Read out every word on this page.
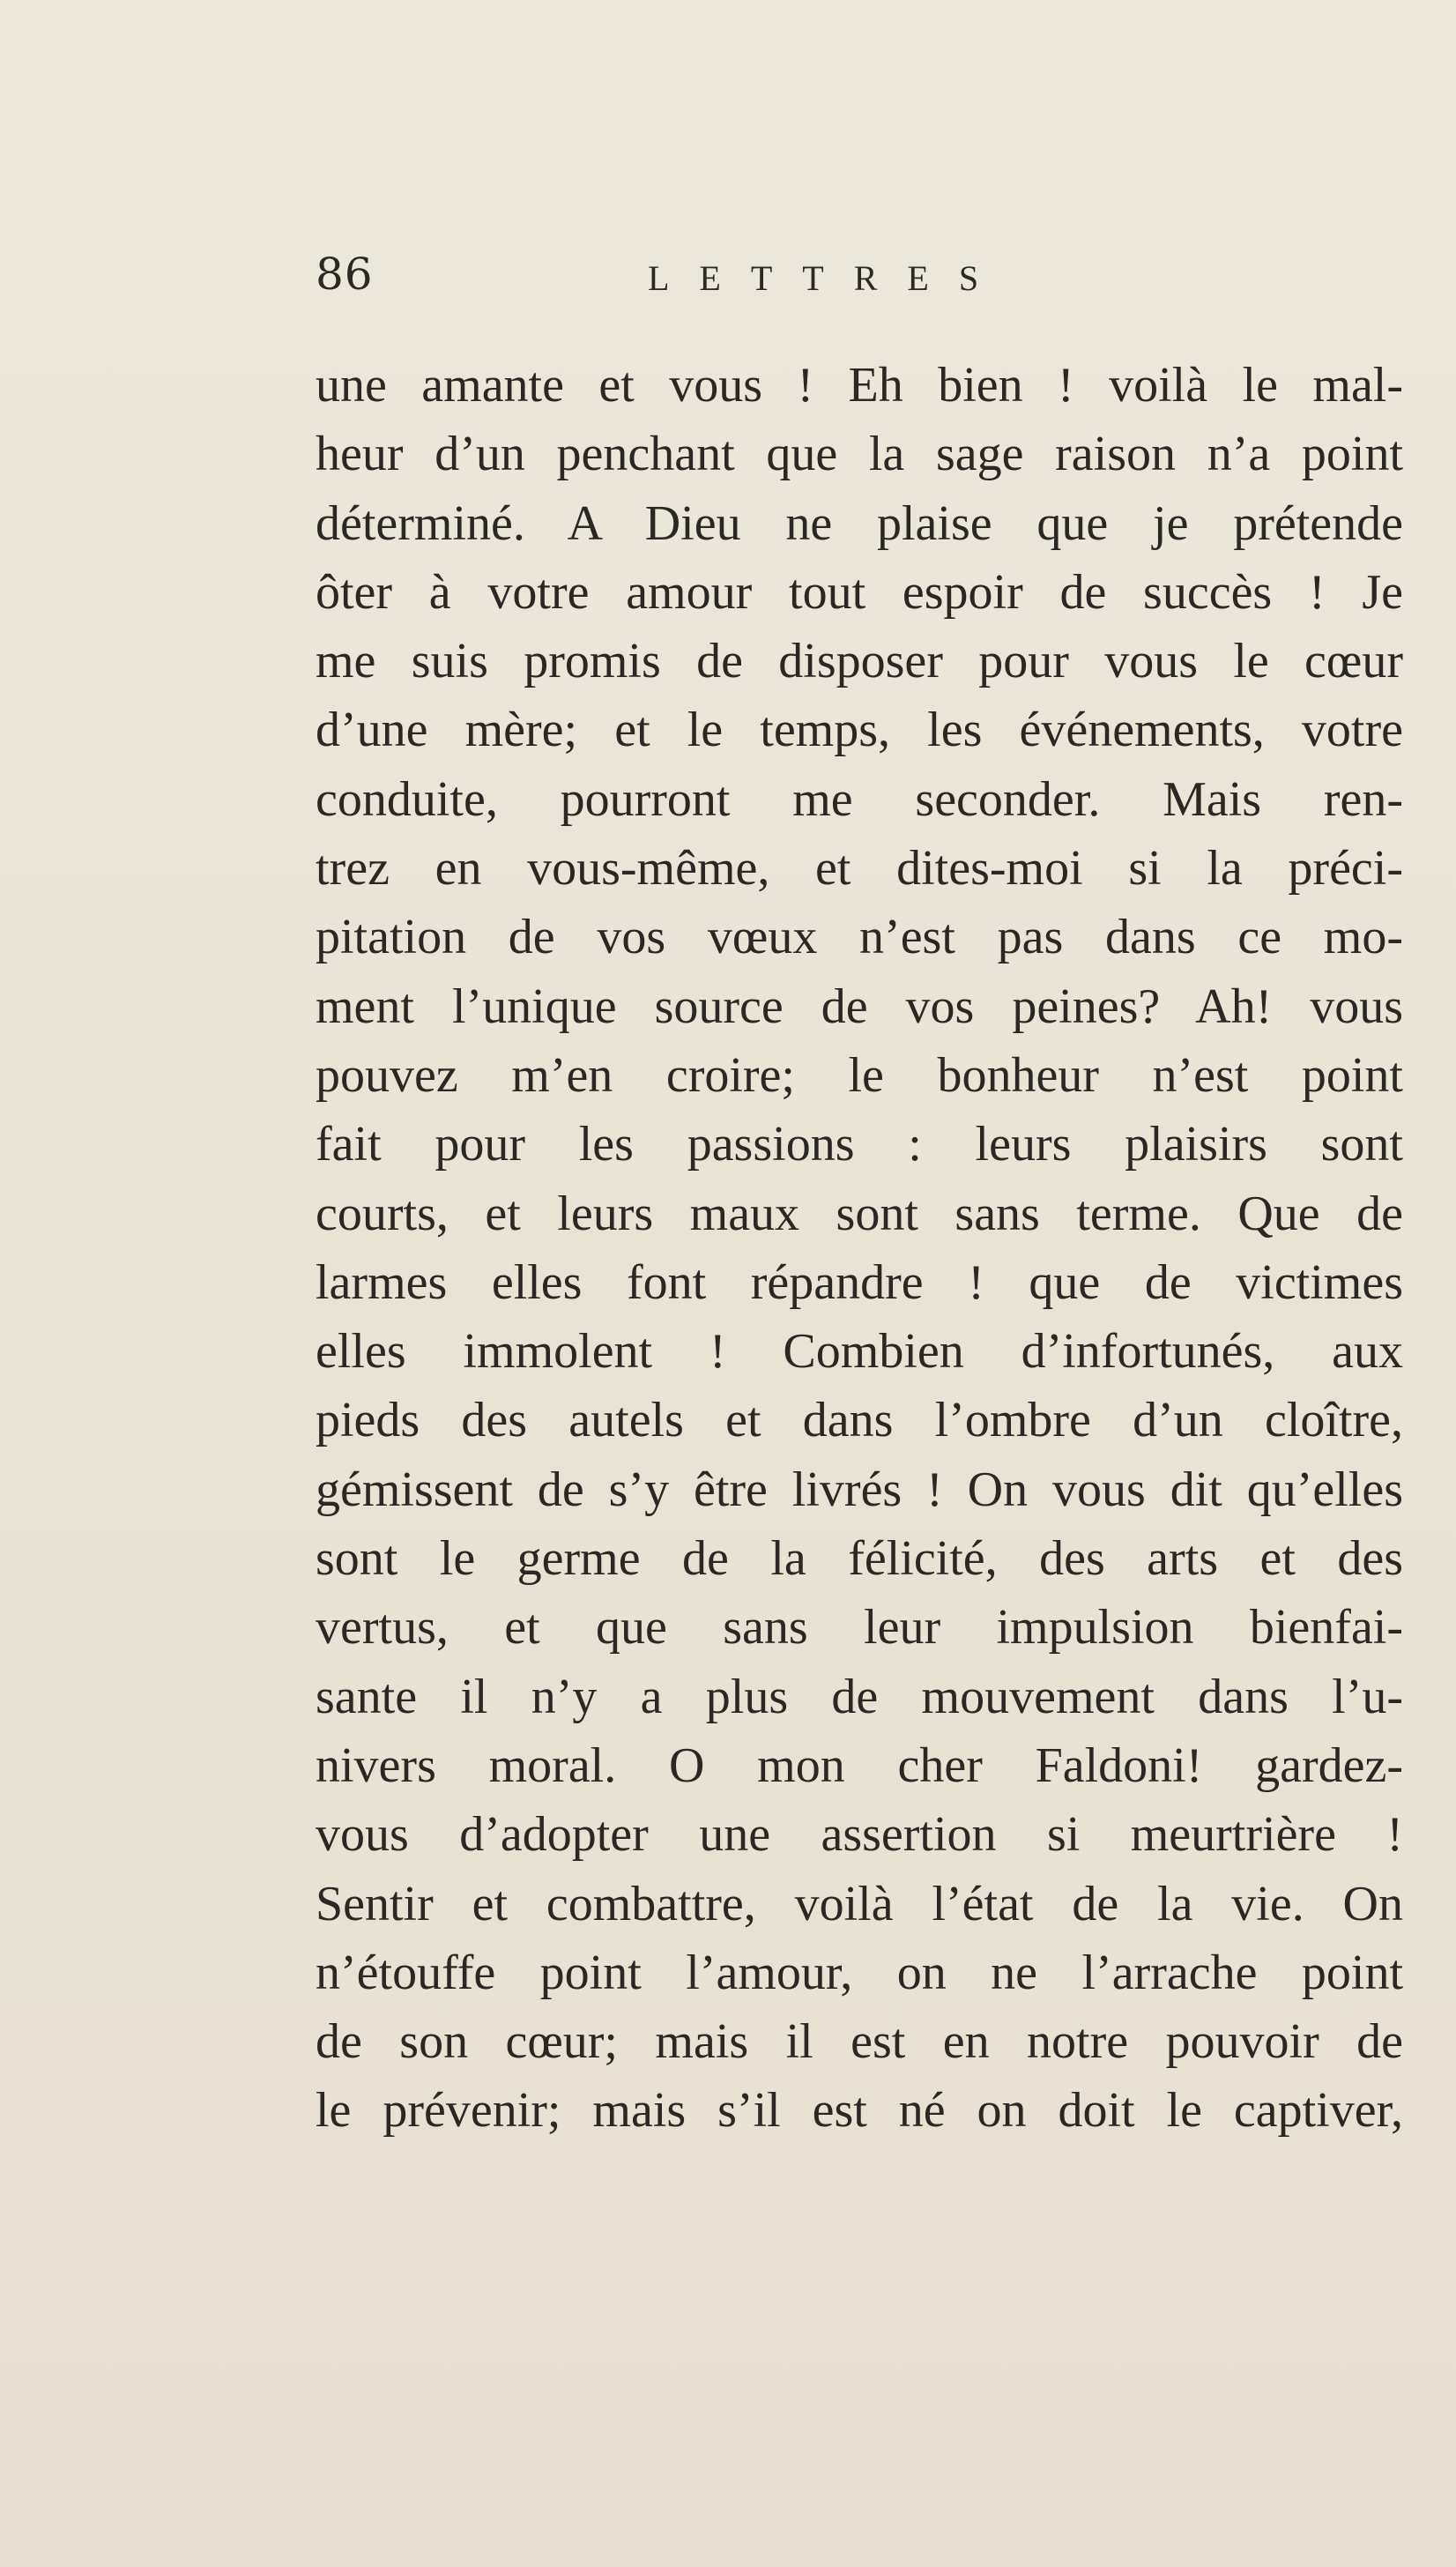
86	LETTRES
une amante et vous ! Eh bien ! voilà le mal-
heur d’un penchant que la sage raison n’a point
déterminé. A Dieu ne plaise que je prétende
ôter à votre amour tout espoir de succès ! Je
me suis promis de disposer pour vous le cœur
d’une mère; et le temps, les événements, votre
conduite, pourront me seconder. Mais ren-
trez en vous-même, et dites-moi si la préci-
pitation de vos vœux n’est pas dans ce mo-
ment l’unique source de vos peines? Ah! vous
pouvez m’en croire; le bonheur n’est point
fait pour les passions : leurs plaisirs sont
courts, et leurs maux sont sans terme. Que de
larmes elles font répandre ! que de victimes
elles immolent ! Combien d’infortunés, aux
pieds des autels et dans l’ombre d’un cloître,
gémissent de s’y être livrés ! On vous dit qu’elles
sont le germe de la félicité, des arts et des
vertus, et que sans leur impulsion bienfai-
sante il n’y a plus de mouvement dans l’u-
nivers moral. O mon cher Faldoni! gardez-
vous d’adopter une assertion si meurtrière !
Sentir et combattre, voilà l’état de la vie. On
n’étouffe point l’amour, on ne l’arrache point
de son cœur; mais il est en notre pouvoir de
le prévenir; mais s’il est né on doit le captiver,
